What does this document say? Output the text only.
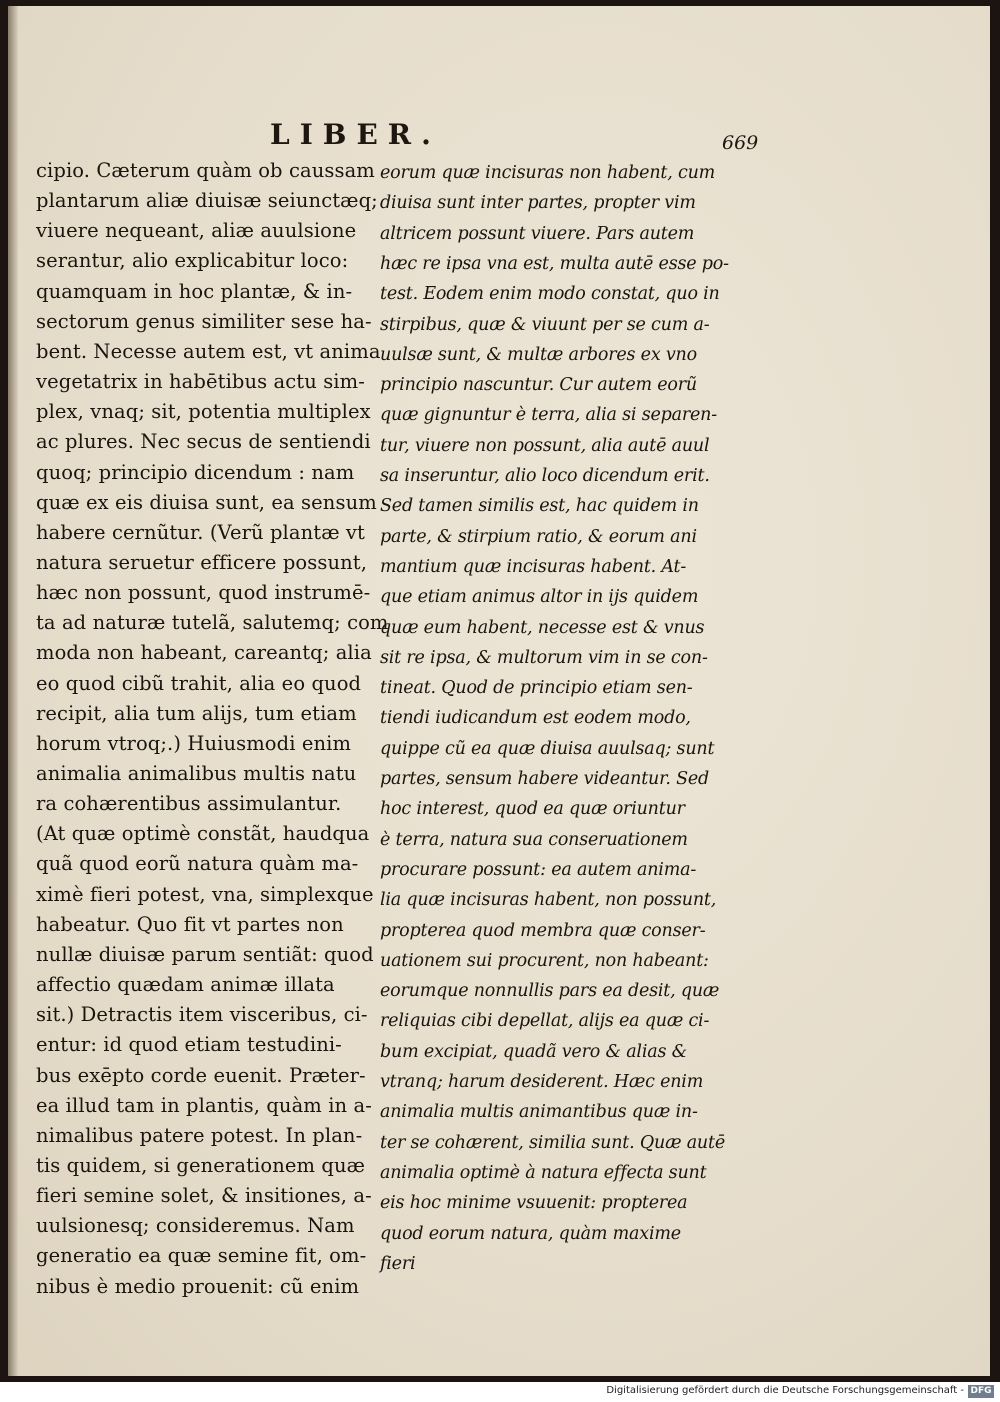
LIBER.	669
cipio. Cæterum quàm ob caussam
plantarum aliæ diuisæ seiunctæq;
viuere nequeant, aliæ auulsione
serantur, alio explicabitur loco:
quamquam in hoc plantæ, & in-
sectorum genus similiter sese ha-
bent. Necesse autem est, vt anima
vegetatrix in habētibus actu sim-
plex, vnaq; sit, potentia multiplex
ac plures. Nec secus de sentiendi
quoq; principio dicendum : nam
quæ ex eis diuisa sunt, ea sensum
habere cernũtur. (Verũ plantæ vt
natura seruetur efficere possunt,
hæc non possunt, quod instrumē-
ta ad naturæ tutelã, salutemq; com
moda non habeant, careantq; alia
eo quod cibũ trahit, alia eo quod
recipit, alia tum alijs, tum etiam
horum vtroq;.) Huiusmodi enim
animalia animalibus multis natu
ra cohærentibus assimulantur.
(At quæ optimè constãt, haudqua
quã quod eorũ natura quàm ma-
ximè fieri potest, vna, simplexque
habeatur. Quo fit vt partes non
nullæ diuisæ parum sentiãt: quod
affectio quædam animæ illata
sit.) Detractis item visceribus, ci-
entur: id quod etiam testudini-
bus exēpto corde euenit. Præter-
ea illud tam in plantis, quàm in a-
nimalibus patere potest. In plan-
tis quidem, si generationem quæ
fieri semine solet, & insitiones, a-
uulsionesq; consideremus. Nam
generatio ea quæ semine fit, om-
nibus è medio prouenit: cũ enim
eorum quæ incisuras non habent, cum
diuisa sunt inter partes, propter vim
altricem possunt viuere. Pars autem
hæc re ipsa vna est, multa autē esse po-
test. Eodem enim modo constat, quo in
stirpibus, quæ & viuunt per se cum a-
uulsæ sunt, & multæ arbores ex vno
principio nascuntur. Cur autem eorũ
quæ gignuntur è terra, alia si separen-
tur, viuere non possunt, alia autē auul
sa inseruntur, alio loco dicendum erit.
Sed tamen similis est, hac quidem in
parte, & stirpium ratio, & eorum ani
mantium quæ incisuras habent. At-
que etiam animus altor in ijs quidem
quæ eum habent, necesse est & vnus
sit re ipsa, & multorum vim in se con-
tineat. Quod de principio etiam sen-
tiendi iudicandum est eodem modo,
quippe cũ ea quæ diuisa auulsaq; sunt
partes, sensum habere videantur. Sed
hoc interest, quod ea quæ oriuntur
è terra, natura sua conseruationem
procurare possunt: ea autem anima-
lia quæ incisuras habent, non possunt,
propterea quod membra quæ conser-
uationem sui procurent, non habeant:
eorumque nonnullis pars ea desit, quæ
reliquias cibi depellat, alijs ea quæ ci-
bum excipiat, quadã vero & alias &
vtranq; harum desiderent. Hæc enim
animalia multis animantibus quæ in-
ter se cohærent, similia sunt. Quæ autē
animalia optimè à natura effecta sunt
eis hoc minime vsuuenit: propterea
quod eorum natura, quàm maxime
fieri
Digitalisierung gefördert durch die Deutsche Forschungsgemeinschaft - DFG
